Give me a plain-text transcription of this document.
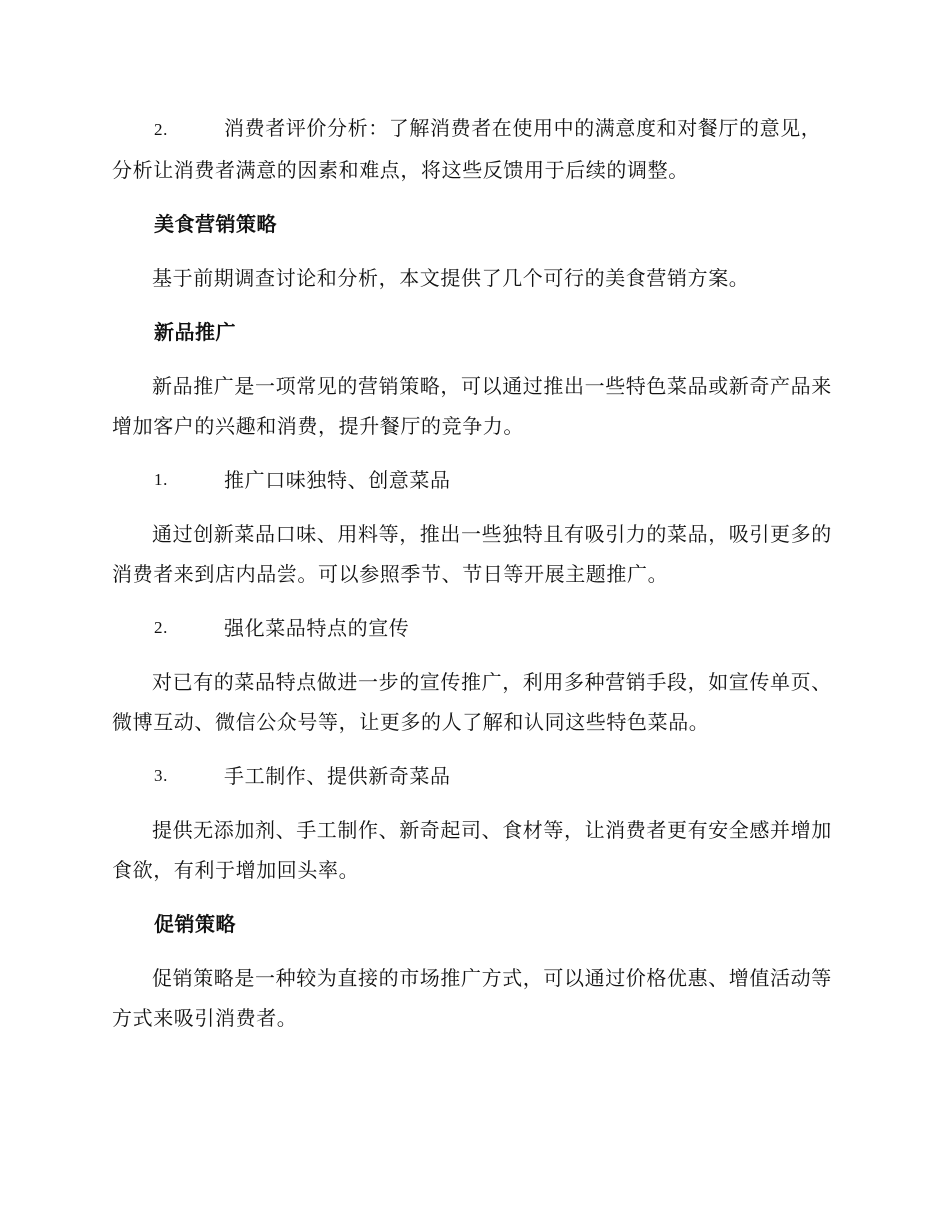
2.	消费者评价分析：了解消费者在使用中的满意度和对餐厅的意见，分析让消费者满意的因素和难点，将这些反馈用于后续的调整。
美食营销策略

基于前期调查讨论和分析，本文提供了几个可行的美食营销方案。

新品推广

新品推广是一项常见的营销策略，可以通过推出一些特色菜品或新奇产品来增加客户的兴趣和消费，提升餐厅的竞争力。

1.	推广口味独特、创意菜品

通过创新菜品口味、用料等，推出一些独特且有吸引力的菜品，吸引更多的消费者来到店内品尝。可以参照季节、节日等开展主题推广。

2.	强化菜品特点的宣传

对已有的菜品特点做进一步的宣传推广，利用多种营销手段，如宣传单页、微博互动、微信公众号等，让更多的人了解和认同这些特色菜品。

3.	手工制作、提供新奇菜品

提供无添加剂、手工制作、新奇起司、食材等，让消费者更有安全感并增加食欲，有利于增加回头率。

促销策略

促销策略是一种较为直接的市场推广方式，可以通过价格优惠、增值活动等方式来吸引消费者。
